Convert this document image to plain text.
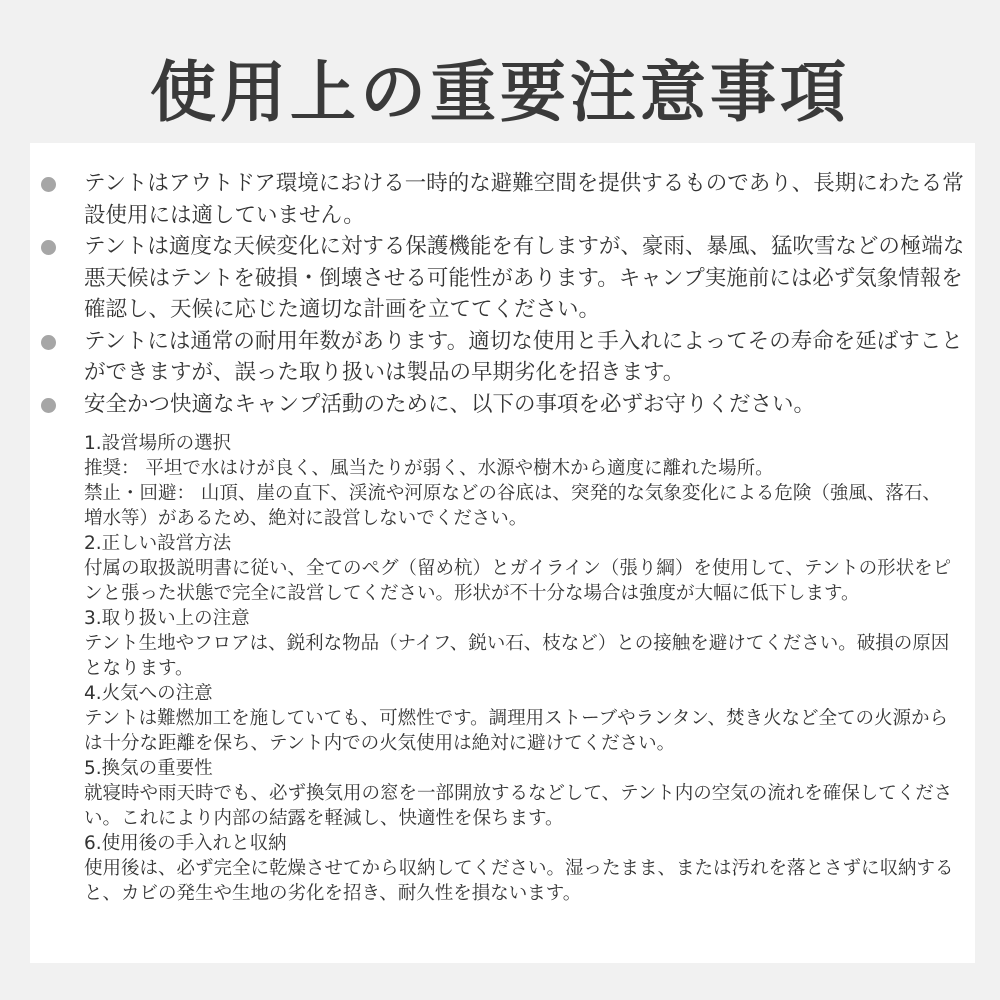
使用上の重要注意事項
テントはアウトドア環境における一時的な避難空間を提供するものであり、長期にわたる常設使用には適していません。
テントは適度な天候変化に対する保護機能を有しますが、豪雨、暴風、猛吹雪などの極端な悪天候はテントを破損・倒壊させる可能性があります。キャンプ実施前には必ず気象情報を確認し、天候に応じた適切な計画を立ててください。
テントには通常の耐用年数があります。適切な使用と手入れによってその寿命を延ばすことができますが、誤った取り扱いは製品の早期劣化を招きます。
安全かつ快適なキャンプ活動のために、以下の事項を必ずお守りください。

1.設営場所の選択

推奨： 平坦で水はけが良く、風当たりが弱く、水源や樹木から適度に離れた場所。

禁止・回避： 山頂、崖の直下、渓流や河原などの谷底は、突発的な気象変化による危険（強風、落石、増水等）があるため、絶対に設営しないでください。

2.正しい設営方法

付属の取扱説明書に従い、全てのペグ（留め杭）とガイライン（張り綱）を使用して、テントの形状をピンと張った状態で完全に設営してください。形状が不十分な場合は強度が大幅に低下します。

3.取り扱い上の注意

テント生地やフロアは、鋭利な物品（ナイフ、鋭い石、枝など）との接触を避けてください。破損の原因となります。

4.火気への注意

テントは難燃加工を施していても、可燃性です。調理用ストーブやランタン、焚き火など全ての火源からは十分な距離を保ち、テント内での火気使用は絶対に避けてください。

5.換気の重要性

就寝時や雨天時でも、必ず換気用の窓を一部開放するなどして、テント内の空気の流れを確保してください。これにより内部の結露を軽減し、快適性を保ちます。

6.使用後の手入れと収納

使用後は、必ず完全に乾燥させてから収納してください。湿ったまま、または汚れを落とさずに収納すると、カビの発生や生地の劣化を招き、耐久性を損ないます。
